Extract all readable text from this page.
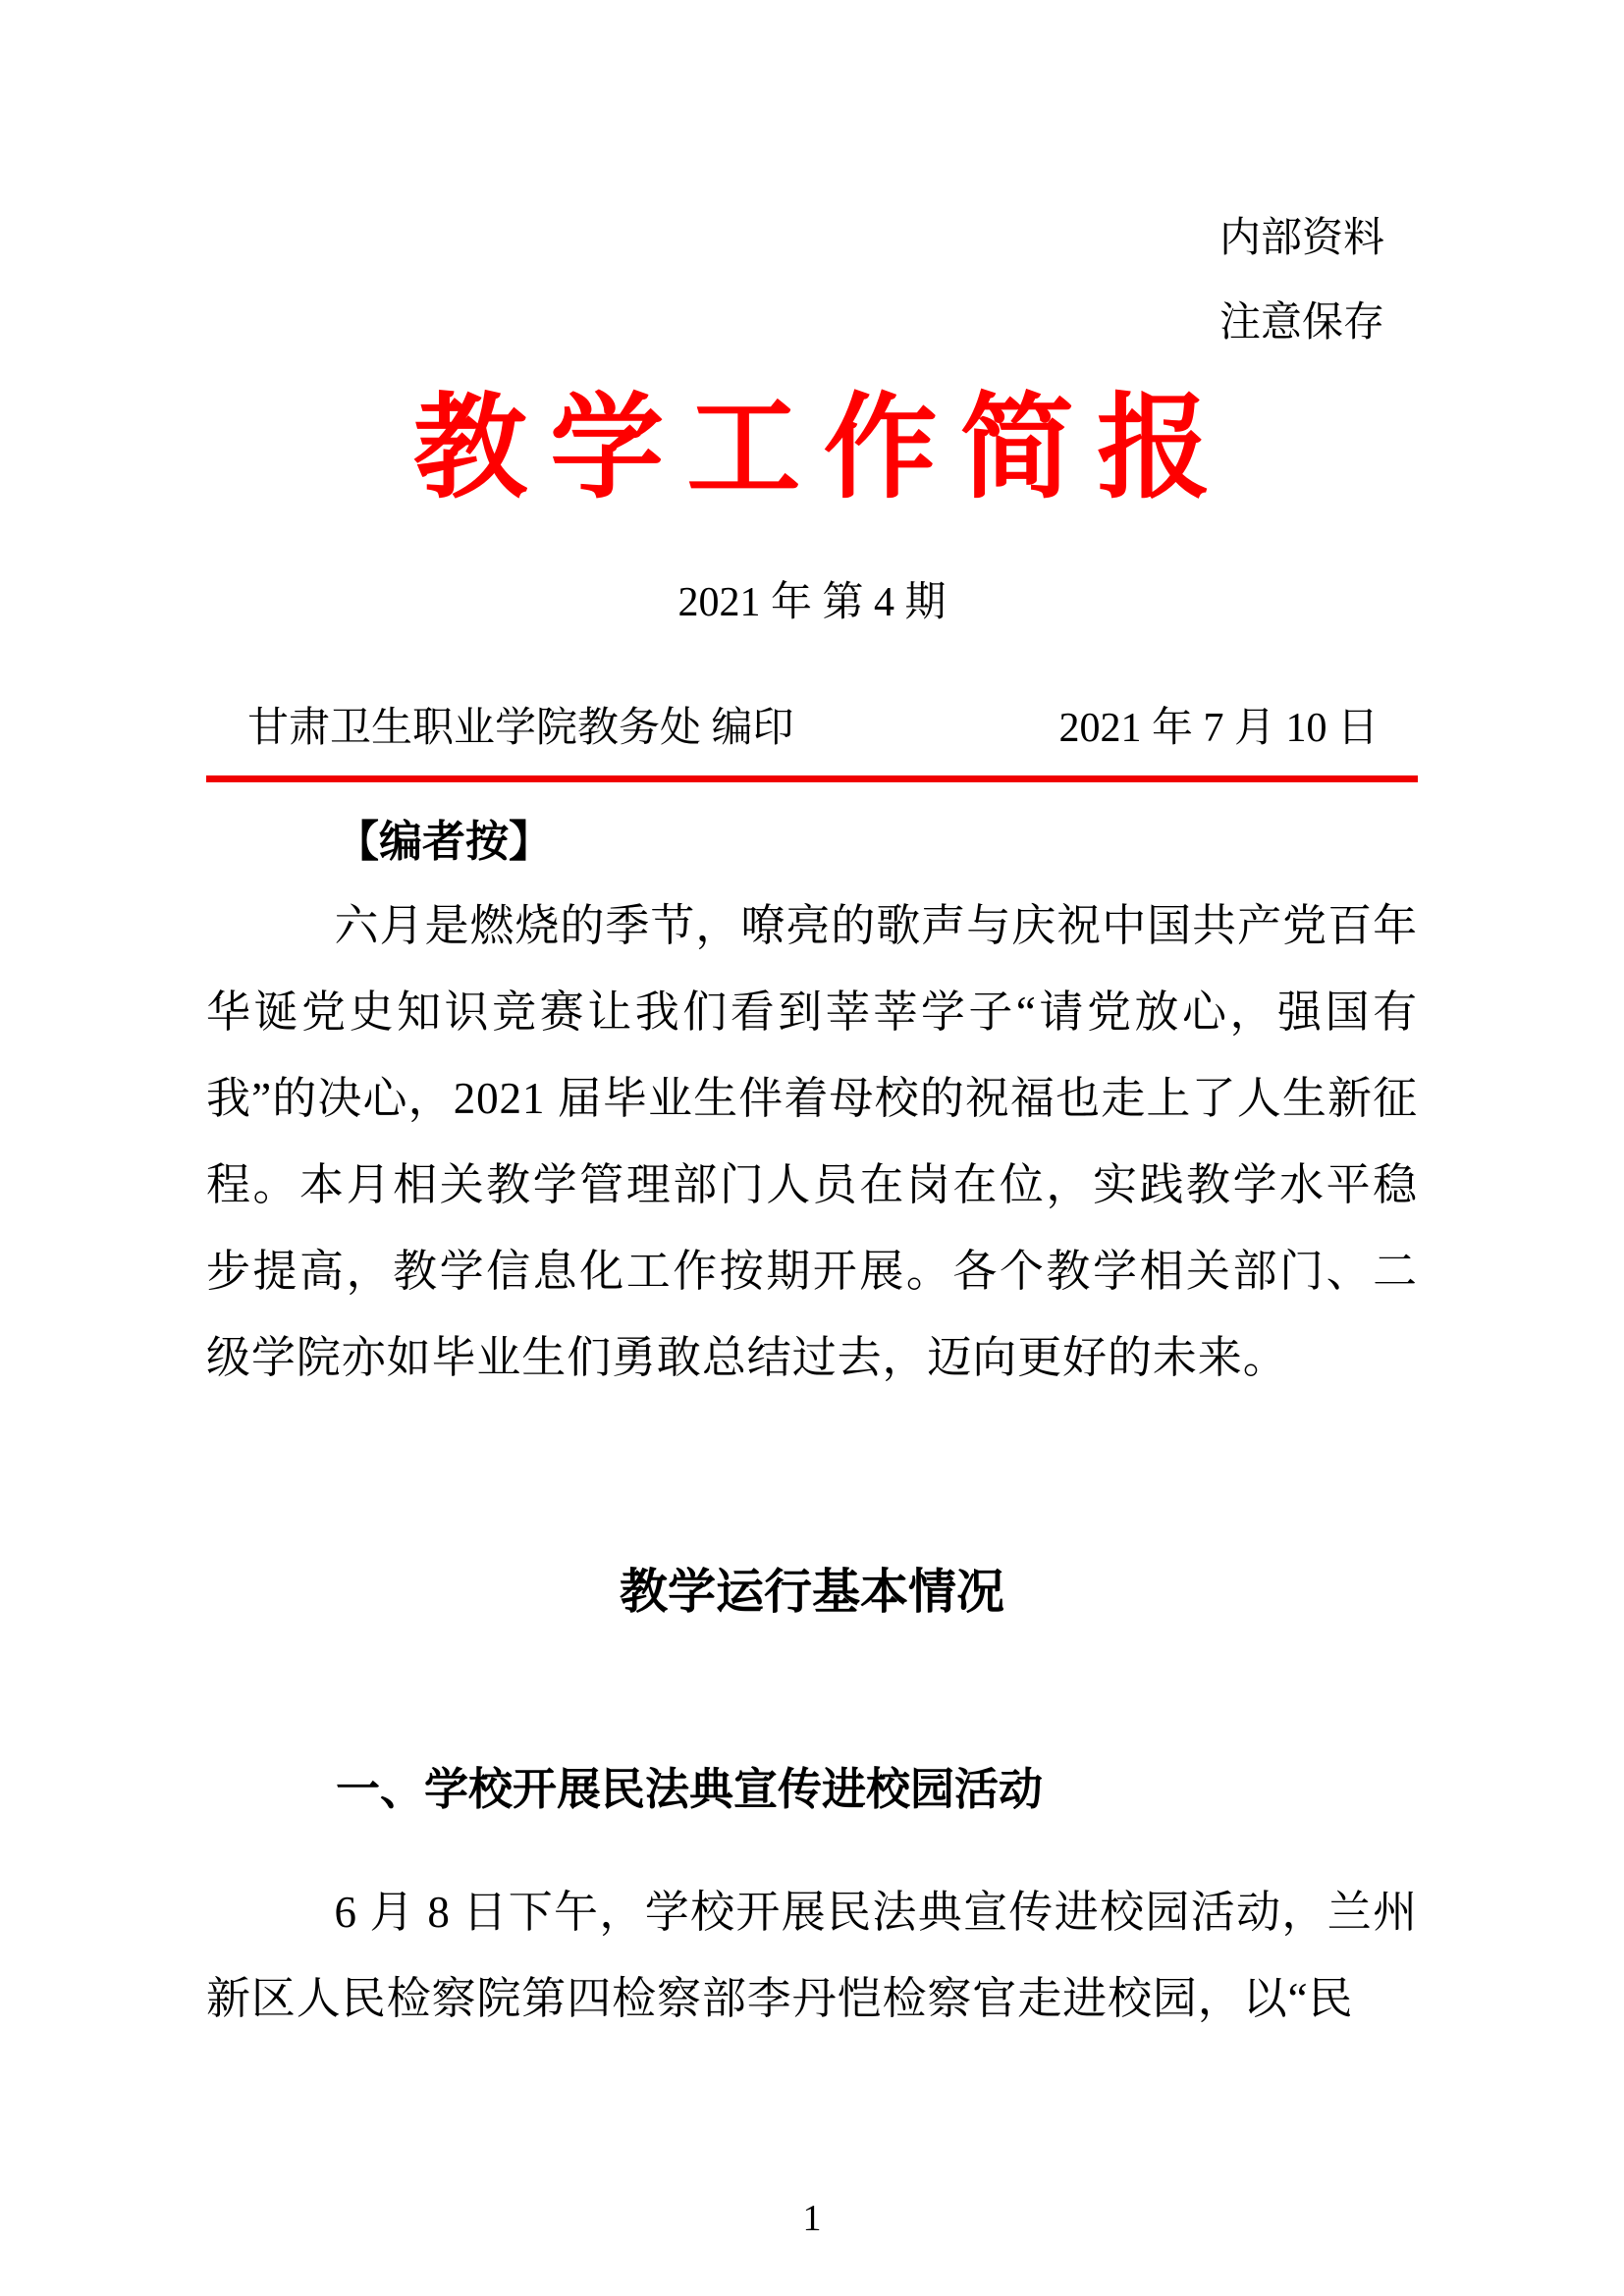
内部资料
注意保存
教学工作简报
2021 年 第 4 期
甘肃卫生职业学院教务处 编印	2021 年 7 月 10 日
【编者按】

六月是燃烧的季节，嘹亮的歌声与庆祝中国共产党百年华诞党史知识竞赛让我们看到莘莘学子“请党放心，强国有我”的决心，2021 届毕业生伴着母校的祝福也走上了人生新征程。本月相关教学管理部门人员在岗在位，实践教学水平稳步提高，教学信息化工作按期开展。各个教学相关部门、二级学院亦如毕业生们勇敢总结过去，迈向更好的未来。

教学运行基本情况
一、学校开展民法典宣传进校园活动

6 月 8 日下午，学校开展民法典宣传进校园活动，兰州新区人民检察院第四检察部李丹恺检察官走进校园，以“民

1
